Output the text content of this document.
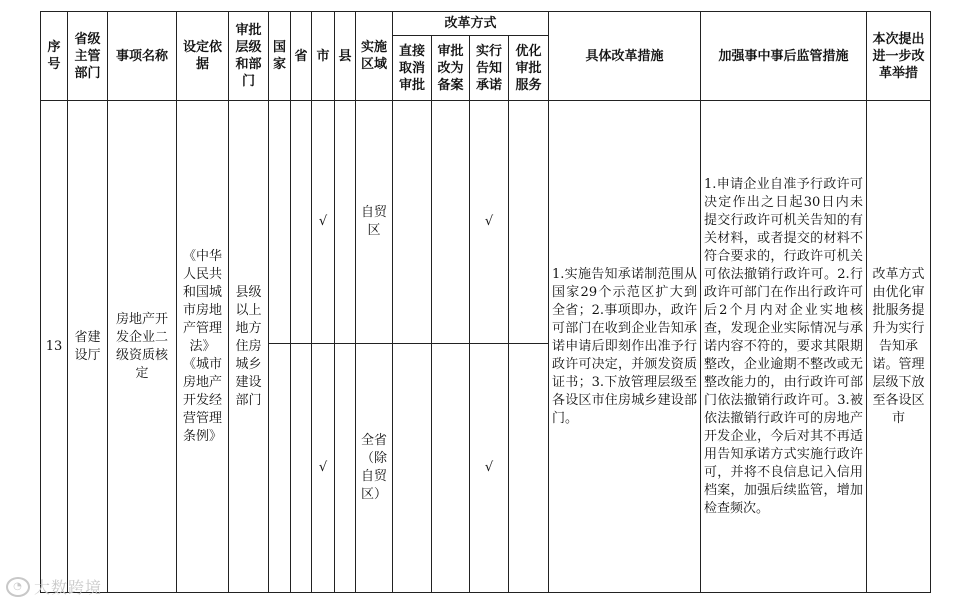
序号	省级主管部门	事项名称	设定依据	审批层级和部门	国家	省	市	县	实施区域	改革方式				具体改革措施	加强事中事后监管措施	本次提出进一步改革举措

										直接取消审批	审批改为备案	实行告知承诺	优化审批服务			

13	省建设厅	房地产开发企业二级资质核定	《中华人民共和国城市房地产管理法》《城市房地产开发经营管理条例》	县级以上地方住房城乡建设部门			√		自贸区			√		1.实施告知承诺制范围从国家29个示范区扩大到全省；2.事项即办，政许可部门在收到企业告知承诺申请后即刻作出准予行政许可决定，并颁发资质证书；3.下放管理层级至各设区市住房城乡建设部门。	1.申请企业自准予行政许可决定作出之日起30日内未提交行政许可机关告知的有关材料，或者提交的材料不符合要求的，行政许可机关可依法撤销行政许可。2.行政许可部门在作出行政许可后2个月内对企业实地核查，发现企业实际情况与承诺内容不符的，要求其限期整改，企业逾期不整改或无整改能力的，由行政许可部门依法撤销行政许可。3.被依法撤销行政许可的房地产开发企业，今后对其不再适用告知承诺方式实施行政许可，并将不良信息记入信用档案，加强后续监管，增加检查频次。	改革方式由优化审批服务提升为实行告知承诺。管理层级下放至各设区市

							√		全省（除自贸区）			√				
◔ 大数跨境
